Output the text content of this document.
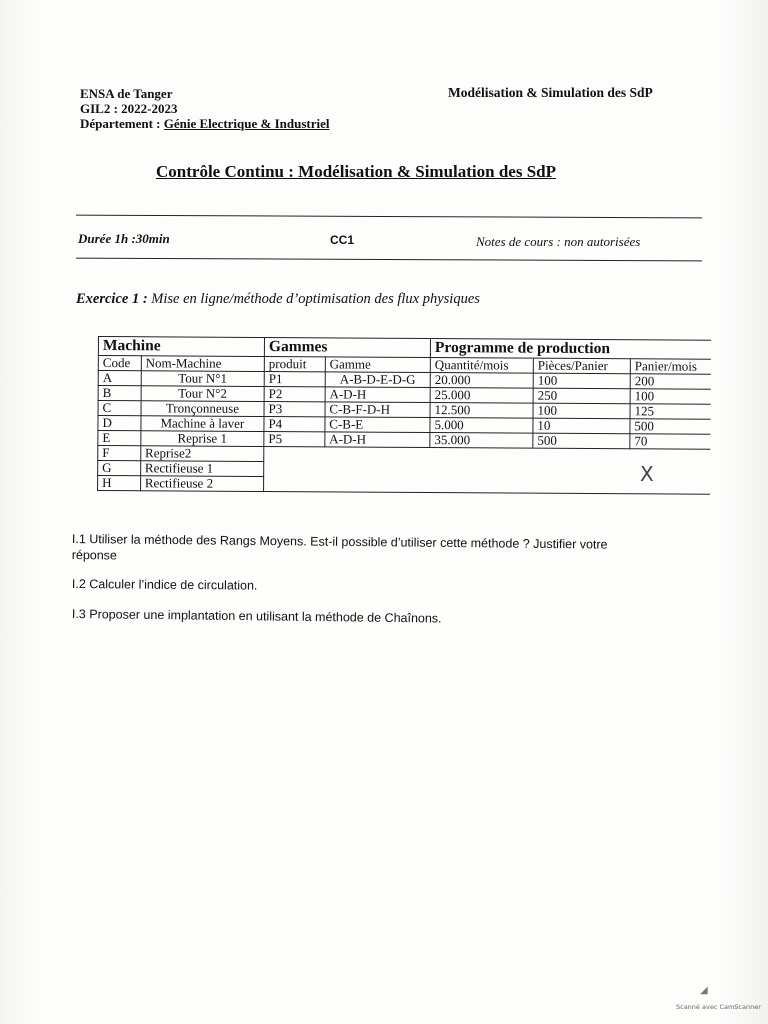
ENSA de Tanger
GIL2 : 2022-2023
Département : Génie Electrique & Industriel
Modélisation & Simulation des SdP
Contrôle Continu : Modélisation & Simulation des SdP
Durée 1h :30min	CC1	Notes de cours : non autorisées
Exercice 1 : Mise en ligne/méthode d’optimisation des flux physiques
Machine		Gammes		Programme de production		
Code	Nom-Machine	produit	Gamme	Quantité/mois	Pièces/Panier	Panier/mois
A	Tour N°1	P1	A-B-D-E-D-G	20.000	100	200
B	Tour N°2	P2	A-D-H	25.000	250	100
C	Tronçonneuse	P3	C-B-F-D-H	12.500	100	125
D	Machine à laver	P4	C-B-E	5.000	10	500
E	Reprise 1	P5	A-D-H	35.000	500	70
F	Reprise2					
G	Rectifieuse 1					
H	Rectifieuse 2						X
I.1 Utiliser la méthode des Rangs Moyens. Est-il possible d’utiliser cette méthode ? Justifier votre réponse
I.2 Calculer l’indice de circulation.
I.3 Proposer une implantation en utilisant la méthode de Chaînons.
◢
Scanné avec CamScanner
